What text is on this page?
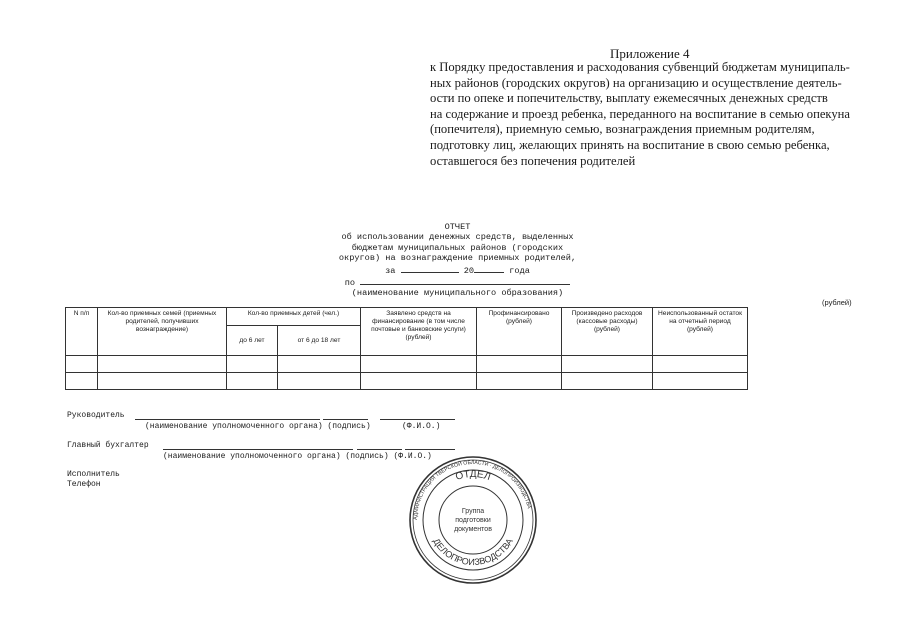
Приложение 4
к Порядку предоставления и расходования субвенций бюджетам муниципаль-
ных районов (городских округов) на организацию и осуществление деятель-
ости по опеке и попечительству, выплату ежемесячных денежных средств
на содержание и проезд ребенка, переданного на воспитание в семью опекуна
(попечителя), приемную семью, вознаграждения приемным родителям,
подготовку лиц, желающих принять на воспитание в свою семью ребенка,
оставшегося без попечения родителей
ОТЧЕТ
об использовании денежных средств, выделенных
бюджетам муниципальных районов (городских
округов) на вознаграждение приемных родителей,
за	20	года
по
(наименование муниципального образования)
(рублей)
N п/п	Кол-во приемных семей (приемных родителей, получивших вознаграждение)	Кол-во приемных детей (чел.)		Заявлено средств на финансирование (в том числе почтовые и банковские услуги) (рублей)	Профинансировано (рублей)	Произведено расходов (кассовые расходы) (рублей)	Неиспользованный остаток на отчетный период (рублей)
		до 6 лет	от 6 до 18 лет				

Руководитель
(наименование уполномоченного органа) (подпись)	(Ф.И.О.)
Главный бухгалтер
(наименование уполномоченного органа) (подпись) (Ф.И.О.)
Исполнитель
Телефон
АДМИНИСТРАЦИЯ ТВЕРСКОЙ ОБЛАСТИ · ДЕЛОПРОИЗВОДСТВА
ОТДЕЛ
ДЕЛОПРОИЗВОДСТВА
Группа
подготовки
документов
